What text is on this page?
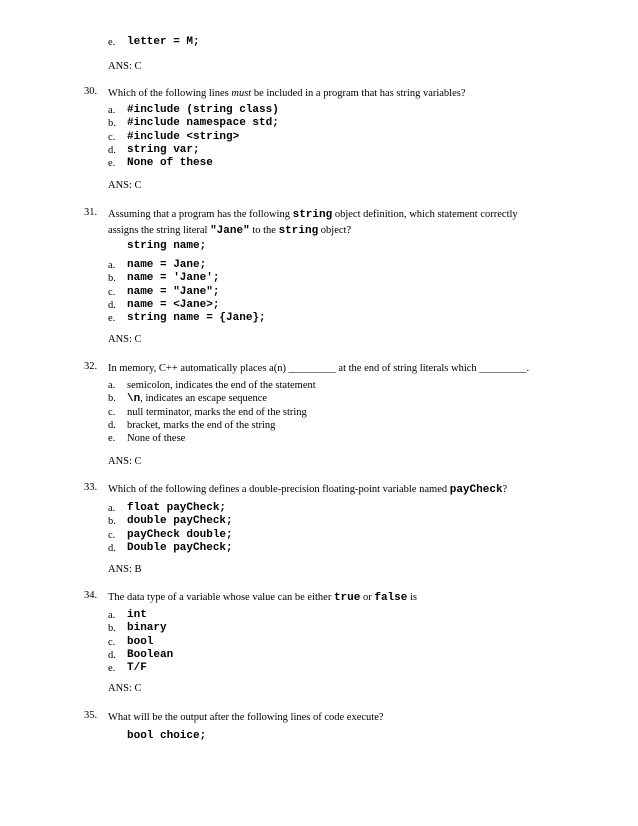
e. letter = M;
ANS: C
30. Which of the following lines must be included in a program that has string variables?
a. #include (string class)
b. #include namespace std;
c. #include <string>
d. string var;
e. None of these
ANS: C
31. Assuming that a program has the following string object definition, which statement correctly
assigns the string literal "Jane" to the string object?
string name;
a. name = Jane;
b. name = 'Jane';
c. name = "Jane";
d. name = <Jane>;
e. string name = {Jane};
ANS: C
32. In memory, C++ automatically places a(n) _________ at the end of string literals which _________.
a. semicolon, indicates the end of the statement
b. \n, indicates an escape sequence
c. null terminator, marks the end of the string
d. bracket, marks the end of the string
e. None of these
ANS: C
33. Which of the following defines a double-precision floating-point variable named payCheck?
a. float payCheck;
b. double payCheck;
c. payCheck double;
d. Double payCheck;
ANS: B
34. The data type of a variable whose value can be either true or false is
a. int
b. binary
c. bool
d. Boolean
e. T/F
ANS: C
35. What will be the output after the following lines of code execute?
bool choice;
